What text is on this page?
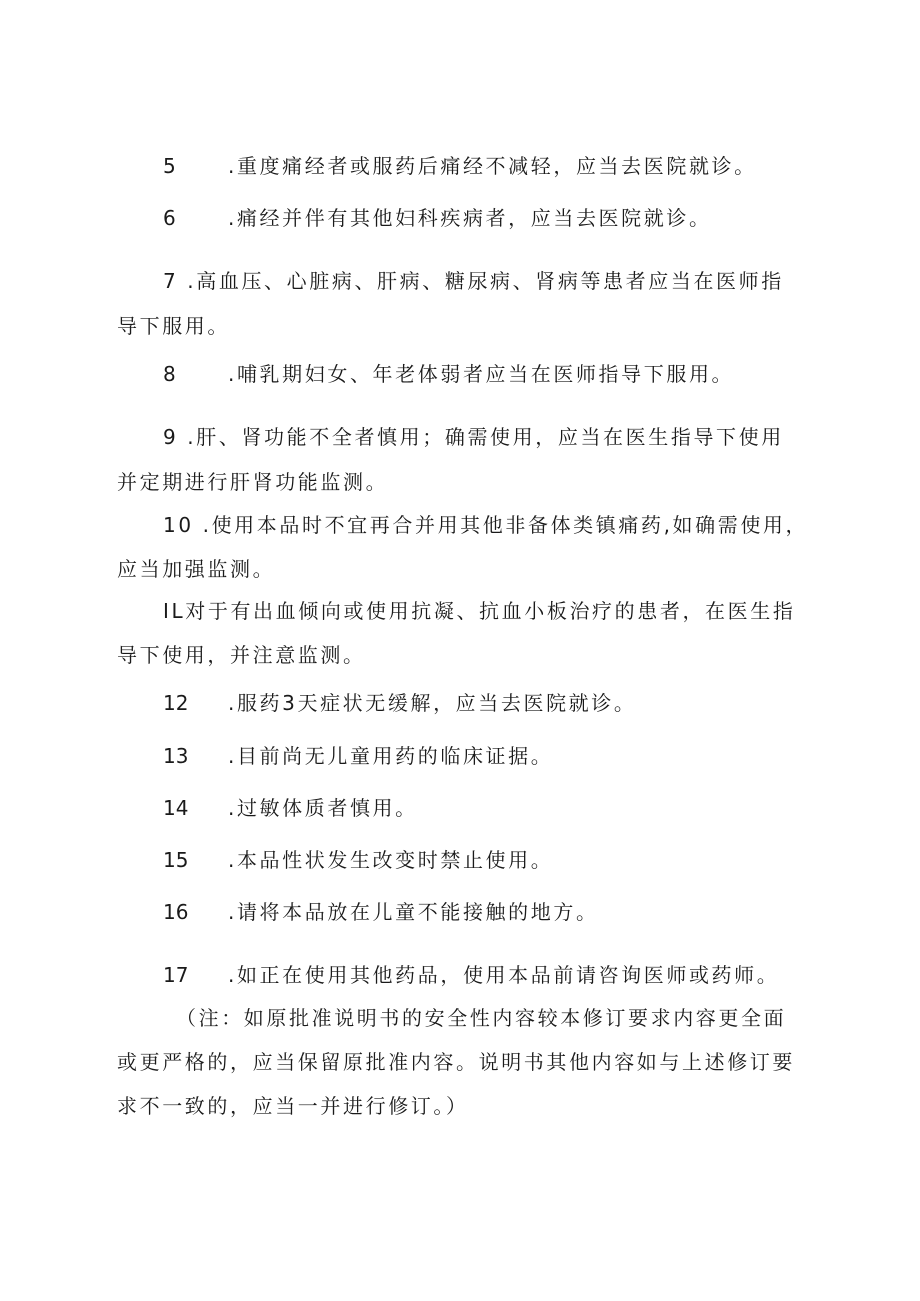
5	.重度痛经者或服药后痛经不减轻，应当去医院就诊。
6	.痛经并伴有其他妇科疾病者，应当去医院就诊。
7 .高血压、心脏病、肝病、糖尿病、肾病等患者应当在医师指
导下服用。
8	.哺乳期妇女、年老体弱者应当在医师指导下服用。
9 .肝、肾功能不全者慎用；确需使用，应当在医生指导下使用
并定期进行肝肾功能监测。
10 .使用本品时不宜再合并用其他非备体类镇痛药,如确需使用，
应当加强监测。
IL对于有出血倾向或使用抗凝、抗血小板治疗的患者，在医生指
导下使用，并注意监测。
12 .服药3天症状无缓解，应当去医院就诊。
13 .目前尚无儿童用药的临床证据。
14 .过敏体质者慎用。
15 .本品性状发生改变时禁止使用。
16 .请将本品放在儿童不能接触的地方。
17 .如正在使用其他药品，使用本品前请咨询医师或药师。
（注：如原批准说明书的安全性内容较本修订要求内容更全面
或更严格的，应当保留原批准内容。说明书其他内容如与上述修订要
求不一致的，应当一并进行修订。）
